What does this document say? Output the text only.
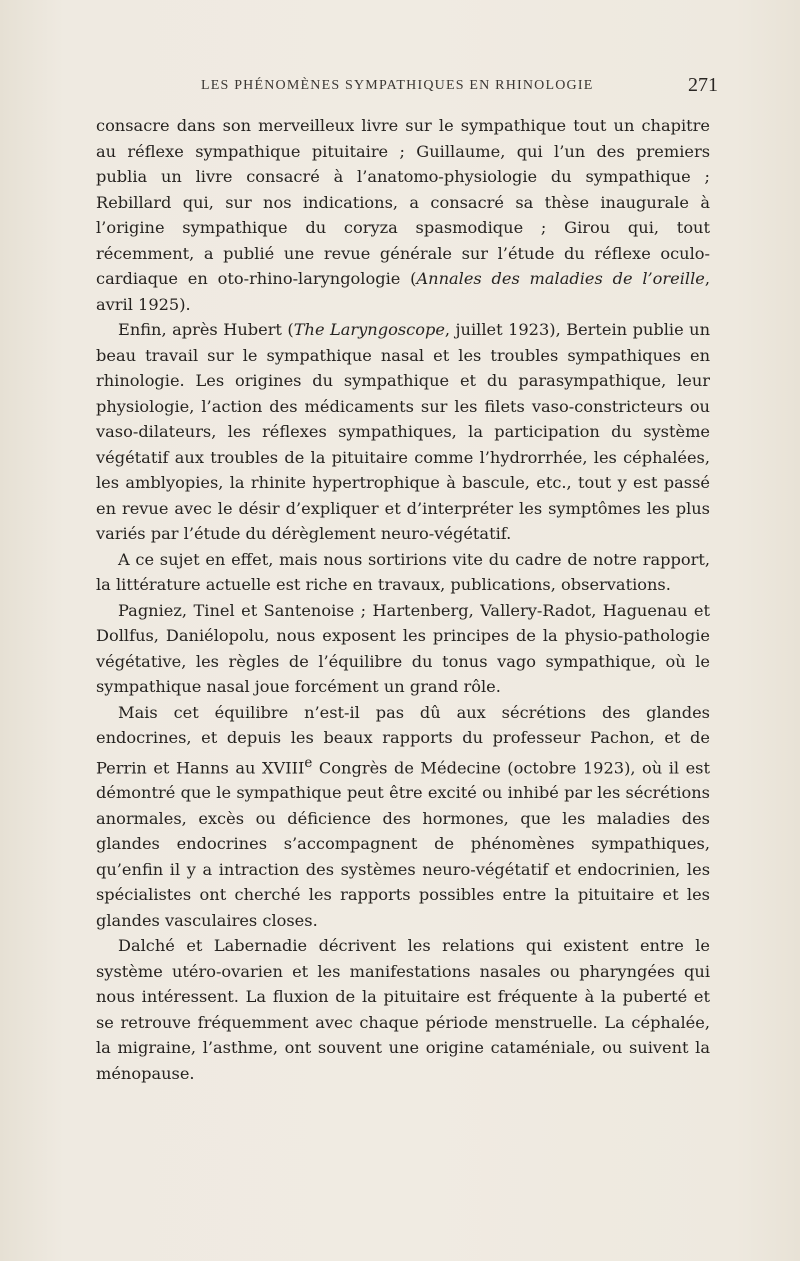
LES PHÉNOMÈNES SYMPATHIQUES EN RHINOLOGIE	271

consacre dans son merveilleux livre sur le sympathique tout un chapitre au réflexe sympathique pituitaire ; Guillaume, qui l’un des premiers publia un livre consacré à l’anatomo-physiologie du sympathique ; Rebillard qui, sur nos indications, a consacré sa thèse inaugurale à l’origine sympathique du coryza spasmodique ; Girou qui, tout récemment, a publié une revue générale sur l’étude du réflexe oculo-cardiaque en oto-rhino-laryngologie (Annales des maladies de l’oreille, avril 1925).

Enfin, après Hubert (The Laryngoscope, juillet 1923), Bertein publie un beau travail sur le sympathique nasal et les troubles sympathiques en rhinologie. Les origines du sympathique et du parasympathique, leur physiologie, l’action des médicaments sur les filets vaso-constricteurs ou vaso-dilateurs, les réflexes sympathiques, la participation du système végétatif aux troubles de la pituitaire comme l’hydrorrhée, les céphalées, les amblyopies, la rhinite hypertrophique à bascule, etc., tout y est passé en revue avec le désir d’expliquer et d’interpréter les symptômes les plus variés par l’étude du dérèglement neuro-végétatif.

A ce sujet en effet, mais nous sortirions vite du cadre de notre rapport, la littérature actuelle est riche en travaux, publications, observations.

Pagniez, Tinel et Santenoise ; Hartenberg, Vallery-Radot, Haguenau et Dollfus, Daniélopolu, nous exposent les principes de la physio-pathologie végétative, les règles de l’équilibre du tonus vago sympathique, où le sympathique nasal joue forcément un grand rôle.

Mais cet équilibre n’est-il pas dû aux sécrétions des glandes endocrines, et depuis les beaux rapports du professeur Pachon, et de Perrin et Hanns au XVIIIe Congrès de Médecine (octobre 1923), où il est démontré que le sympathique peut être excité ou inhibé par les sécrétions anormales, excès ou déficience des hormones, que les maladies des glandes endocrines s’accompagnent de phénomènes sympathiques, qu’enfin il y a intraction des systèmes neuro-végétatif et endocrinien, les spécialistes ont cherché les rapports possibles entre la pituitaire et les glandes vasculaires closes.

Dalché et Labernadie décrivent les relations qui existent entre le système utéro-ovarien et les manifestations nasales ou pharyngées qui nous intéressent. La fluxion de la pituitaire est fréquente à la puberté et se retrouve fréquemment avec chaque période menstruelle. La céphalée, la migraine, l’asthme, ont souvent une origine cataméniale, ou suivent la ménopause.
